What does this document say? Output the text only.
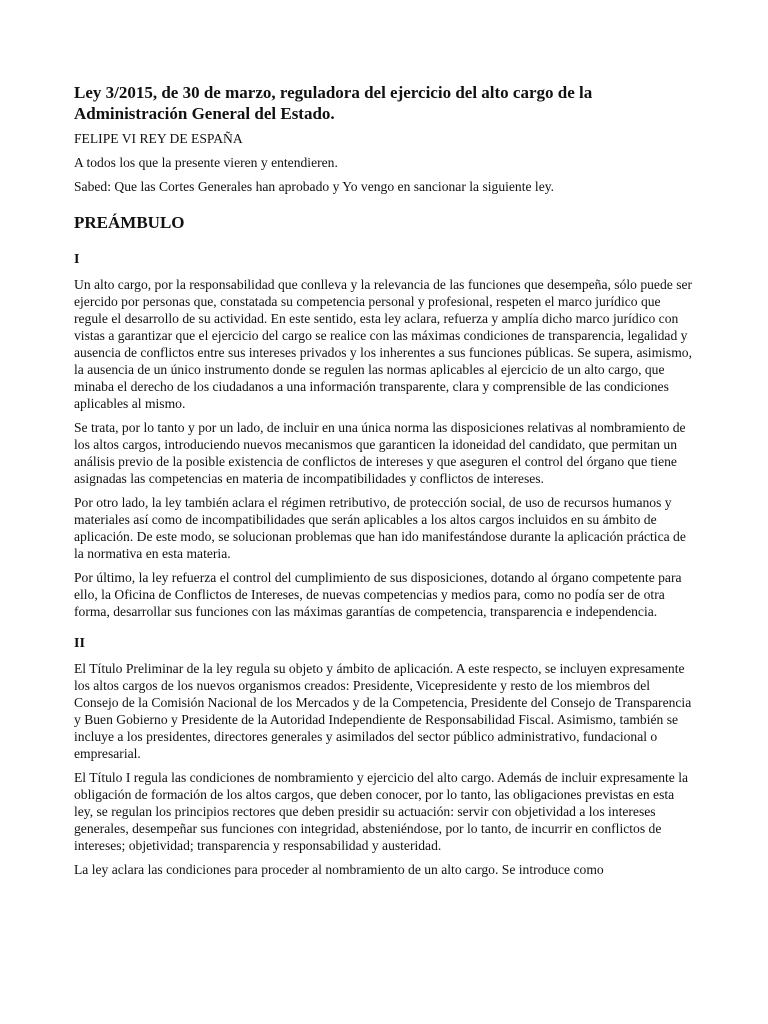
Ley 3/2015, de 30 de marzo, reguladora del ejercicio del alto cargo de la Administración General del Estado.

FELIPE VI REY DE ESPAÑA

A todos los que la presente vieren y entendieren.

Sabed: Que las Cortes Generales han aprobado y Yo vengo en sancionar la siguiente ley.

PREÁMBULO
I

Un alto cargo, por la responsabilidad que conlleva y la relevancia de las funciones que desempeña, sólo puede ser ejercido por personas que, constatada su competencia personal y profesional, respeten el marco jurídico que regule el desarrollo de su actividad. En este sentido, esta ley aclara, refuerza y amplía dicho marco jurídico con vistas a garantizar que el ejercicio del cargo se realice con las máximas condiciones de transparencia, legalidad y ausencia de conflictos entre sus intereses privados y los inherentes a sus funciones públicas. Se supera, asimismo, la ausencia de un único instrumento donde se regulen las normas aplicables al ejercicio de un alto cargo, que minaba el derecho de los ciudadanos a una información transparente, clara y comprensible de las condiciones aplicables al mismo.

Se trata, por lo tanto y por un lado, de incluir en una única norma las disposiciones relativas al nombramiento de los altos cargos, introduciendo nuevos mecanismos que garanticen la idoneidad del candidato, que permitan un análisis previo de la posible existencia de conflictos de intereses y que aseguren el control del órgano que tiene asignadas las competencias en materia de incompatibilidades y conflictos de intereses.

Por otro lado, la ley también aclara el régimen retributivo, de protección social, de uso de recursos humanos y materiales así como de incompatibilidades que serán aplicables a los altos cargos incluidos en su ámbito de aplicación. De este modo, se solucionan problemas que han ido manifestándose durante la aplicación práctica de la normativa en esta materia.

Por último, la ley refuerza el control del cumplimiento de sus disposiciones, dotando al órgano competente para ello, la Oficina de Conflictos de Intereses, de nuevas competencias y medios para, como no podía ser de otra forma, desarrollar sus funciones con las máximas garantías de competencia, transparencia e independencia.

II

El Título Preliminar de la ley regula su objeto y ámbito de aplicación. A este respecto, se incluyen expresamente los altos cargos de los nuevos organismos creados: Presidente, Vicepresidente y resto de los miembros del Consejo de la Comisión Nacional de los Mercados y de la Competencia, Presidente del Consejo de Transparencia y Buen Gobierno y Presidente de la Autoridad Independiente de Responsabilidad Fiscal. Asimismo, también se incluye a los presidentes, directores generales y asimilados del sector público administrativo, fundacional o empresarial.

El Título I regula las condiciones de nombramiento y ejercicio del alto cargo. Además de incluir expresamente la obligación de formación de los altos cargos, que deben conocer, por lo tanto, las obligaciones previstas en esta ley, se regulan los principios rectores que deben presidir su actuación: servir con objetividad a los intereses generales, desempeñar sus funciones con integridad, absteniéndose, por lo tanto, de incurrir en conflictos de intereses; objetividad; transparencia y responsabilidad y austeridad.

La ley aclara las condiciones para proceder al nombramiento de un alto cargo. Se introduce como
